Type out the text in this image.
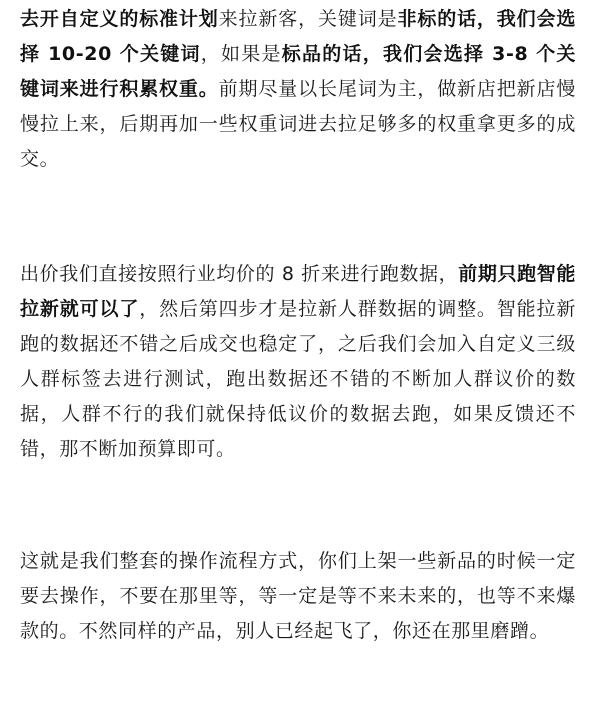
去开自定义的标准计划来拉新客，关键词是非标的话，我们会选择 10-20 个关键词，如果是标品的话，我们会选择 3-8 个关键词来进行积累权重。前期尽量以长尾词为主，做新店把新店慢慢拉上来，后期再加一些权重词进去拉足够多的权重拿更多的成交。

出价我们直接按照行业均价的 8 折来进行跑数据，前期只跑智能拉新就可以了，然后第四步才是拉新人群数据的调整。智能拉新跑的数据还不错之后成交也稳定了，之后我们会加入自定义三级人群标签去进行测试，跑出数据还不错的不断加人群议价的数据，人群不行的我们就保持低议价的数据去跑，如果反馈还不错，那不断加预算即可。

这就是我们整套的操作流程方式，你们上架一些新品的时候一定要去操作，不要在那里等，等一定是等不来未来的，也等不来爆款的。不然同样的产品，别人已经起飞了，你还在那里磨蹭。
